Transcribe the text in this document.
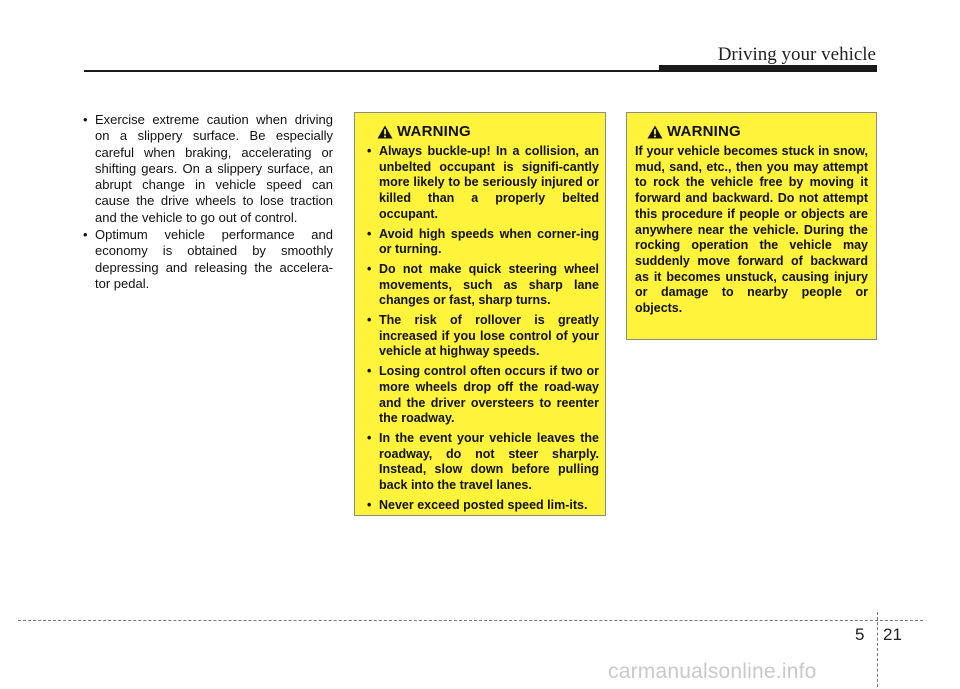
Driving your vehicle
• Exercise extreme caution when driving on a slippery surface. Be especially careful when braking, accelerating or shifting gears. On a slippery surface, an abrupt change in vehicle speed can cause the drive wheels to lose traction and the vehicle to go out of control.
• Optimum vehicle performance and economy is obtained by smoothly depressing and releasing the accelera-tor pedal.
WARNING
• Always buckle-up! In a collision, an unbelted occupant is signifi-cantly more likely to be seriously injured or killed than a properly belted occupant.
• Avoid high speeds when corner-ing or turning.
• Do not make quick steering wheel movements, such as sharp lane changes or fast, sharp turns.
• The risk of rollover is greatly increased if you lose control of your vehicle at highway speeds.
• Losing control often occurs if two or more wheels drop off the road-way and the driver oversteers to reenter the roadway.
• In the event your vehicle leaves the roadway, do not steer sharply. Instead, slow down before pulling back into the travel lanes.
• Never exceed posted speed lim-its.
WARNING

If your vehicle becomes stuck in snow, mud, sand, etc., then you may attempt to rock the vehicle free by moving it forward and backward. Do not attempt this procedure if people or objects are anywhere near the vehicle. During the rocking operation the vehicle may suddenly move forward of backward as it becomes unstuck, causing injury or damage to nearby people or objects.

5 21
carmanualsonline.info
